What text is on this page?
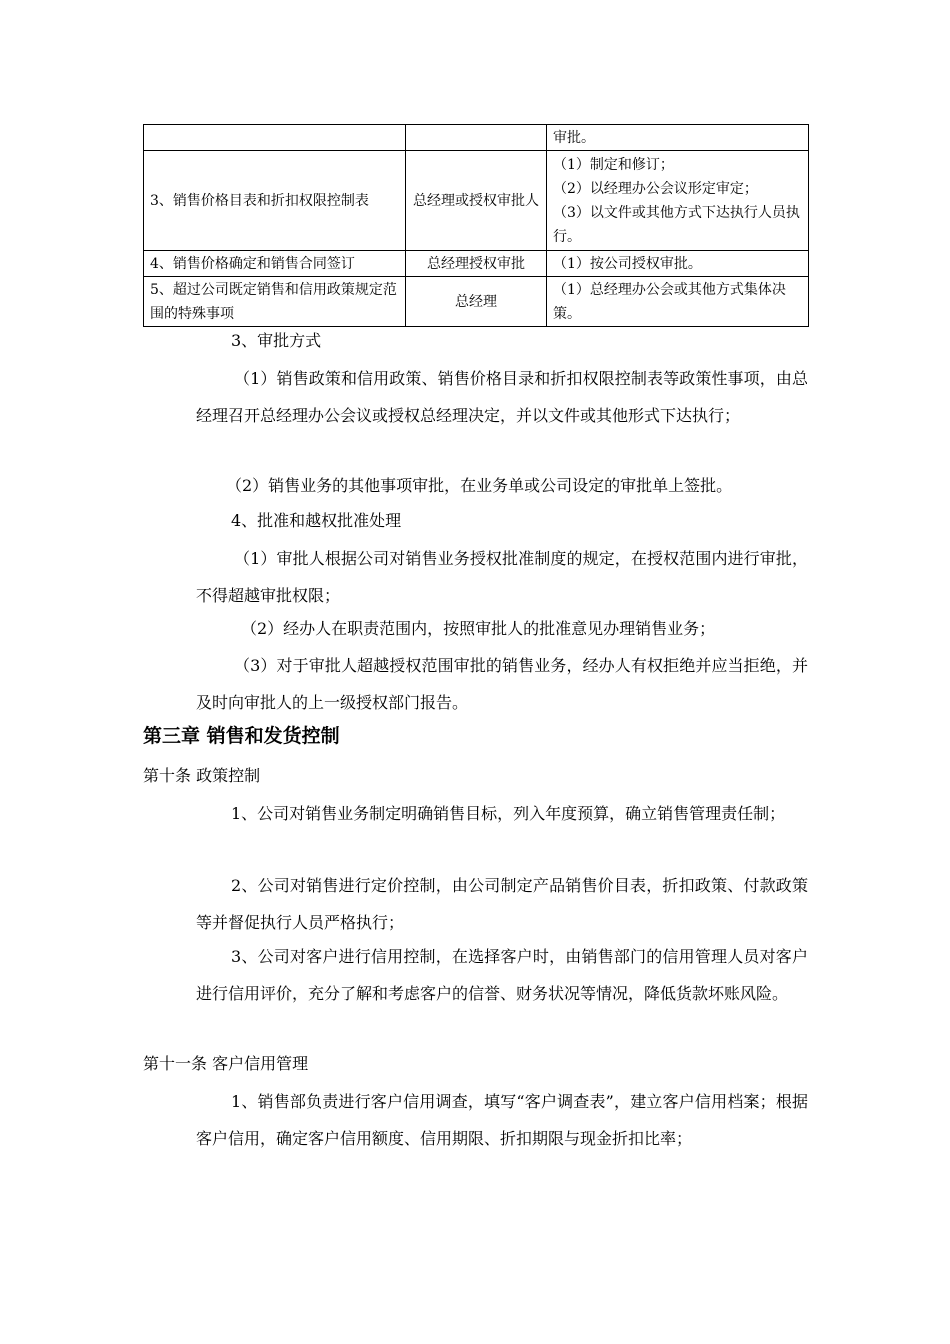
		审批。

3、销售价格目表和折扣权限控制表	总经理或授权审批人	（1）制定和修订；
（2）以经理办公会议形定审定；
（3）以文件或其他方式下达执行人员执行。

4、销售价格确定和销售合同签订	总经理授权审批	（1）按公司授权审批。

5、超过公司既定销售和信用政策规定范围的特殊事项	总经理	（1）总经理办公会或其他方式集体决策。
3、审批方式
（1）销售政策和信用政策、销售价格目录和折扣权限控制表等政策性事项，由总经理召开总经理办公会议或授权总经理决定，并以文件或其他形式下达执行；
（2）销售业务的其他事项审批，在业务单或公司设定的审批单上签批。
4、批准和越权批准处理
（1）审批人根据公司对销售业务授权批准制度的规定，在授权范围内进行审批，不得超越审批权限；
（2）经办人在职责范围内，按照审批人的批准意见办理销售业务；
（3）对于审批人超越授权范围审批的销售业务，经办人有权拒绝并应当拒绝，并及时向审批人的上一级授权部门报告。
第三章 销售和发货控制
第十条 政策控制
1、公司对销售业务制定明确销售目标，列入年度预算，确立销售管理责任制；
2、公司对销售进行定价控制，由公司制定产品销售价目表，折扣政策、付款政策等并督促执行人员严格执行；
3、公司对客户进行信用控制，在选择客户时，由销售部门的信用管理人员对客户进行信用评价，充分了解和考虑客户的信誉、财务状况等情况，降低货款坏账风险。
第十一条 客户信用管理
1、销售部负责进行客户信用调查，填写“客户调查表”，建立客户信用档案；根据客户信用，确定客户信用额度、信用期限、折扣期限与现金折扣比率；
